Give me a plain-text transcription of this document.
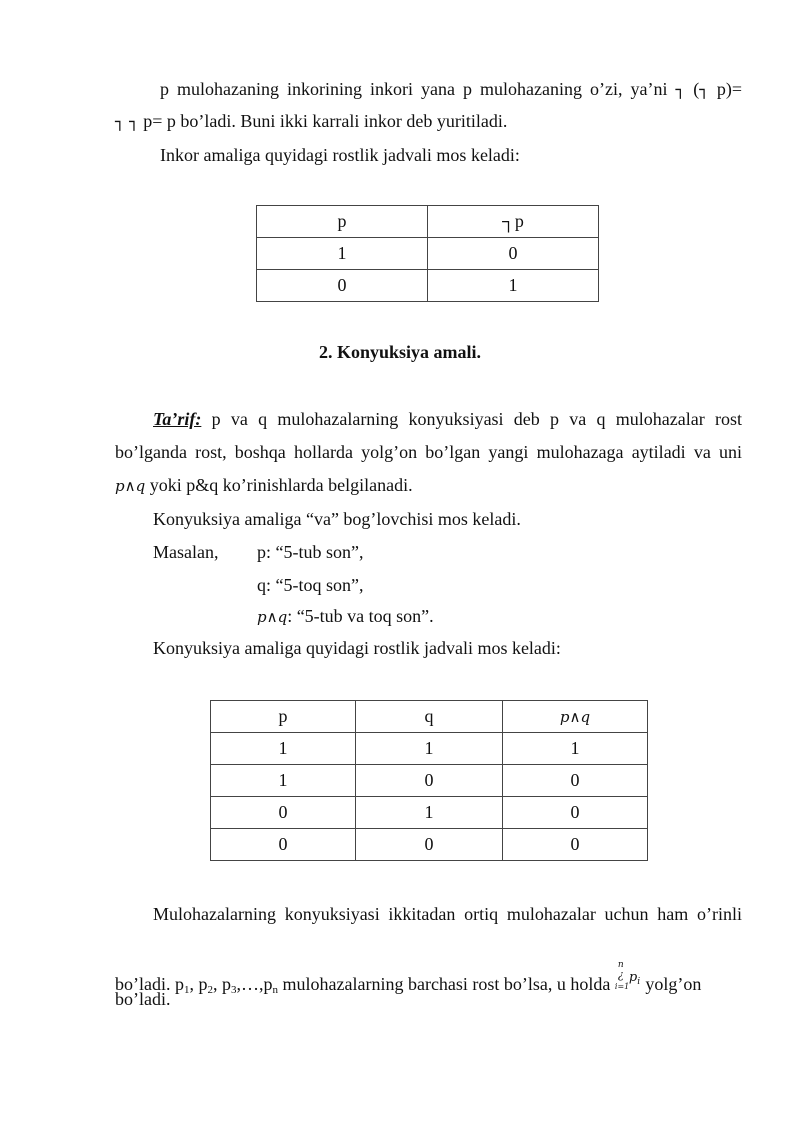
p mulohazaning inkorining inkori yana p mulohazaning o’zi, ya’ni ┐ (┐ p)=
┐ ┐ p= p bo’ladi. Buni ikki karrali inkor deb yuritiladi.
Inkor amaliga quyidagi rostlik jadvali mos keladi:
p	┐p
1	0
0	1
2. Konyuksiya amali.
Ta’rif: p va q mulohazalarning konyuksiyasi deb p va q mulohazalar rost
bo’lganda rost, boshqa hollarda yolg’on bo’lgan yangi mulohazaga aytiladi va uni
p∧q yoki p&q ko’rinishlarda belgilanadi.
Konyuksiya amaliga “va” bog’lovchisi mos keladi.
Masalan, p: “5-tub son”,
q: “5-toq son”,
p∧q: “5-tub va toq son”.
Konyuksiya amaliga quyidagi rostlik jadvali mos keladi:
p	q	p∧q
1	1	1
1	0	0
0	1	0
0	0	0
Mulohazalarning konyuksiyasi ikkitadan ortiq mulohazalar uchun ham o’rinli
bo’ladi. $p_1$, $p_2$, $p_3,\dots,p_n$ mulohazalarning barchasi rost bo’lsa, u holda
n
¿
i=1
$p_i$ yolg’on
bo’ladi.
